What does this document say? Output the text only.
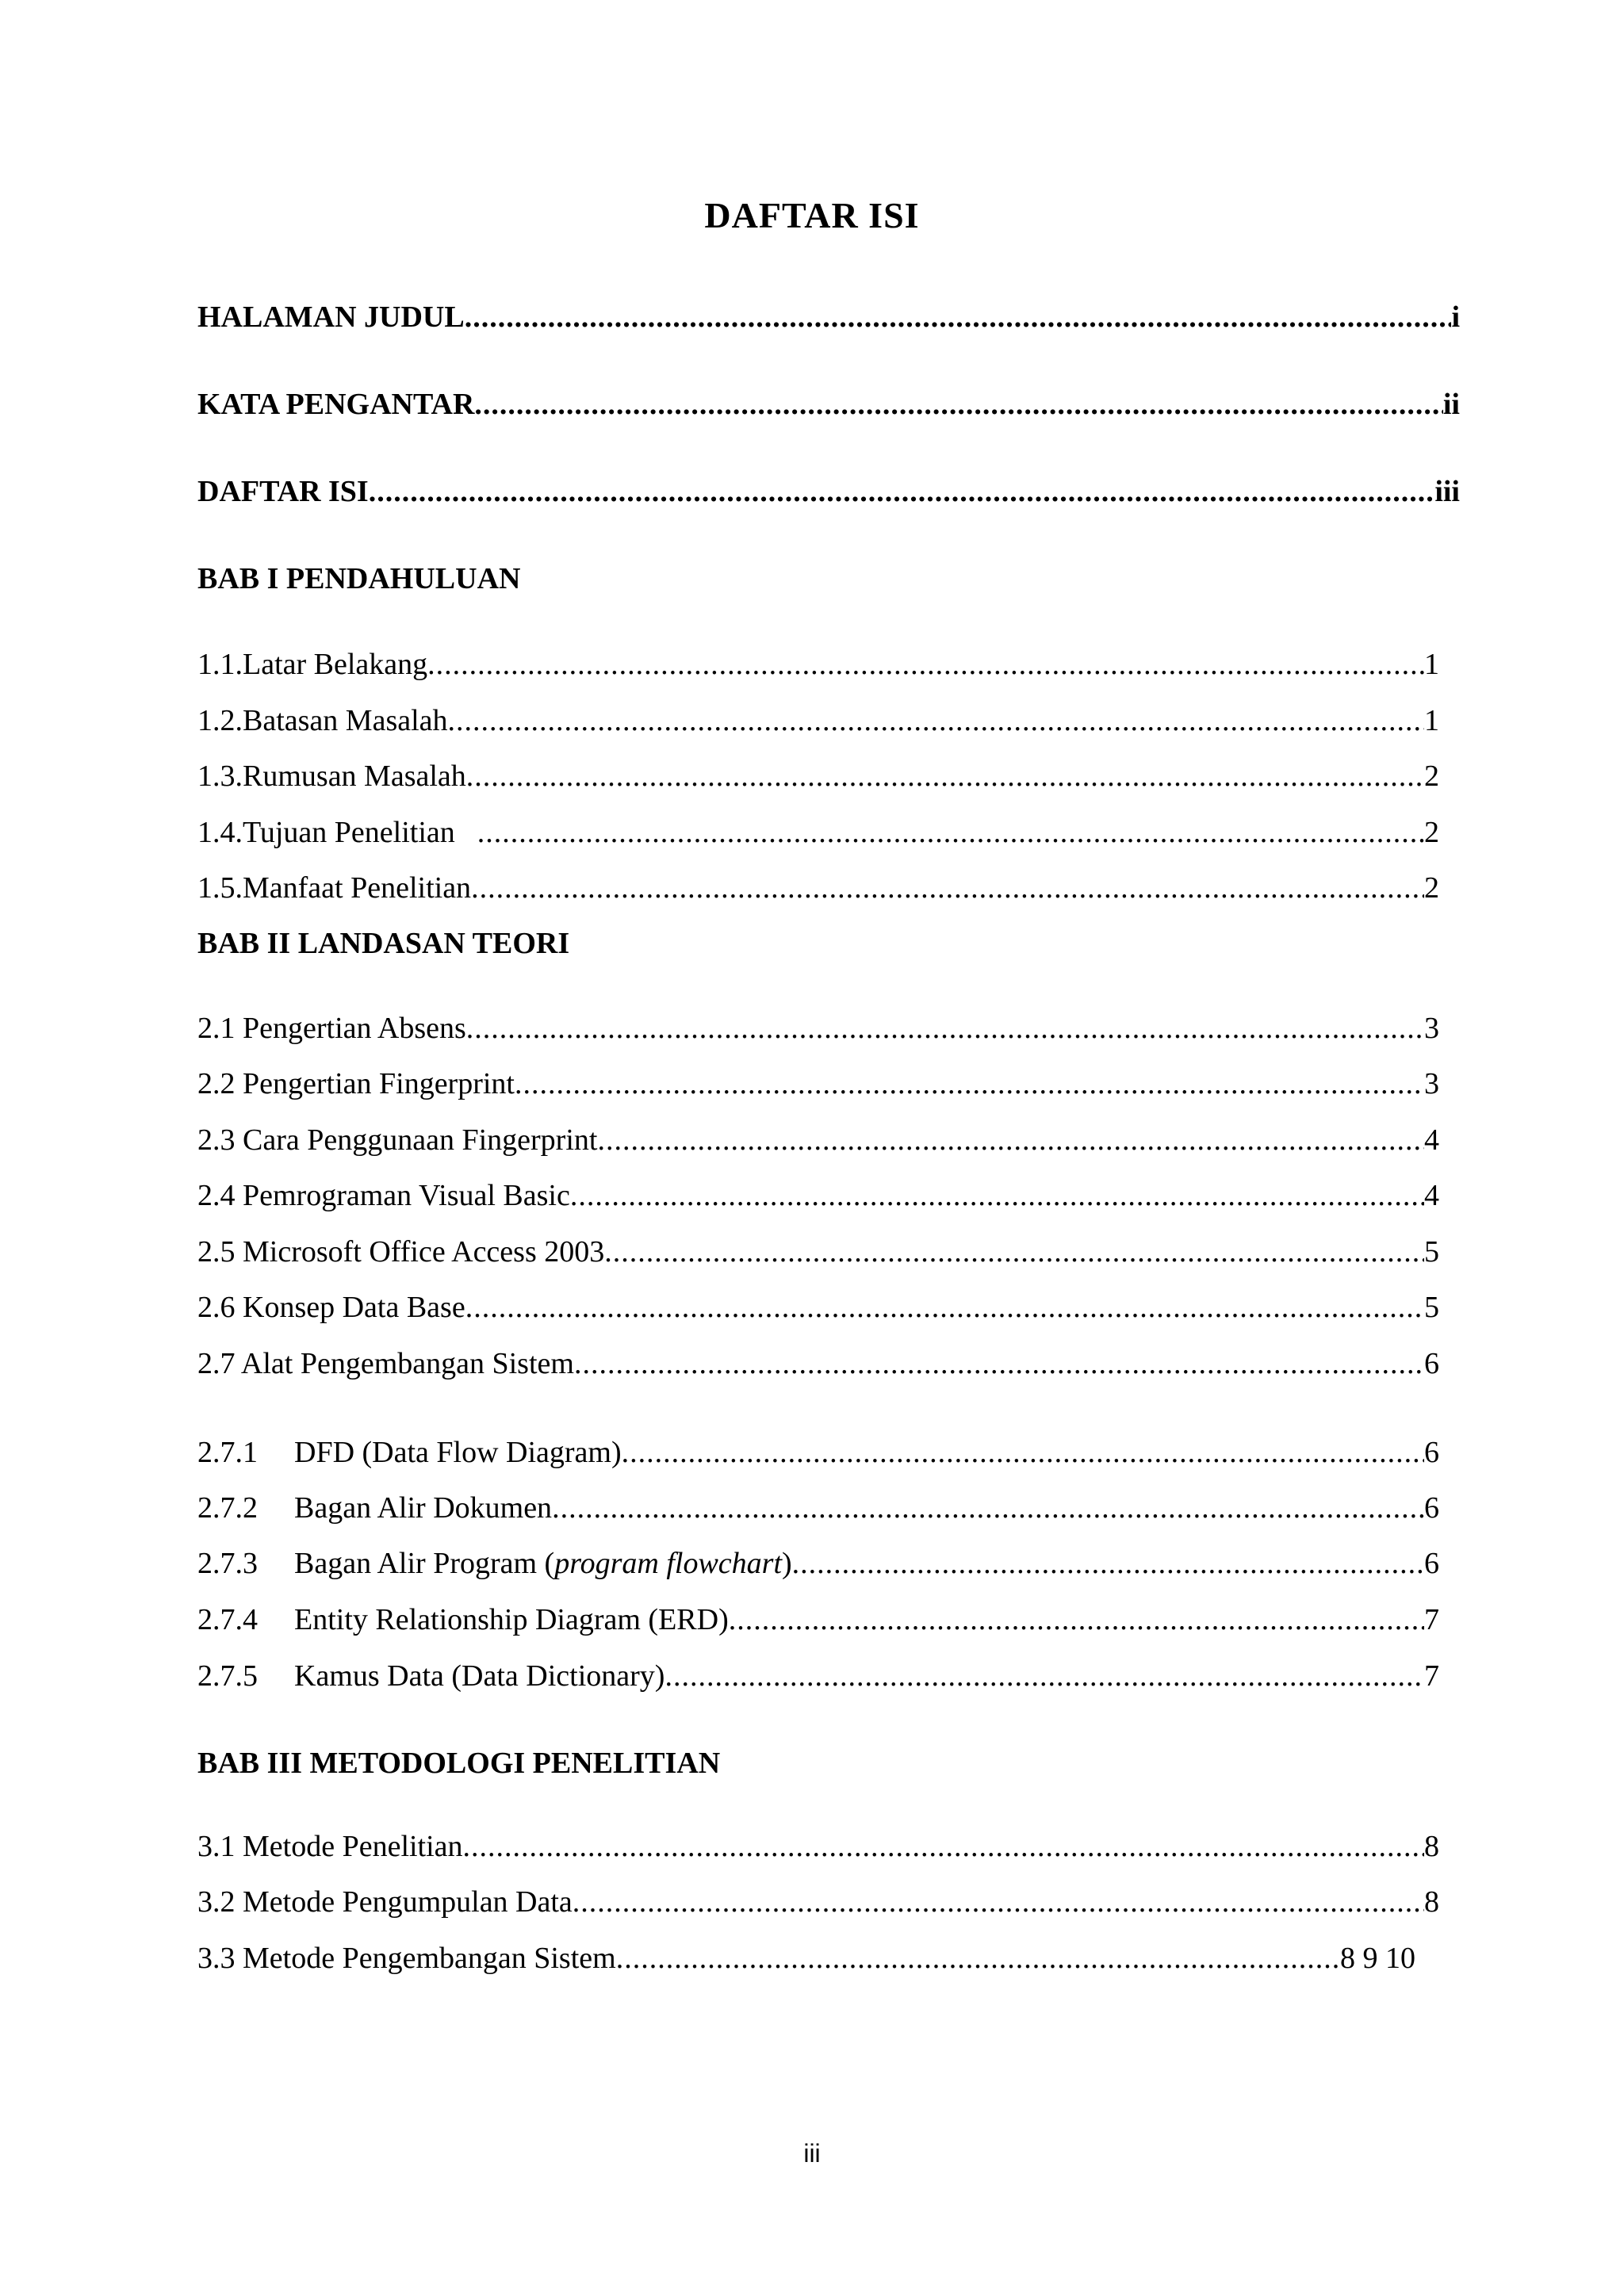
DAFTAR ISI
HALAMAN JUDUL .....	i
KATA PENGANTAR .....	ii
DAFTAR ISI .....	iii
BAB I PENDAHULUAN
1.1.Latar Belakang .....	1
1.2.Batasan Masalah .....	1
1.3.Rumusan Masalah .....	2
1.4.Tujuan Penelitian .....	2
1.5.Manfaat Penelitian .....	2
BAB II LANDASAN TEORI
2.1 Pengertian Absens .....	3
2.2 Pengertian Fingerprint .....	3
2.3 Cara Penggunaan Fingerprint .....	4
2.4 Pemrograman Visual Basic .....	4
2.5 Microsoft Office Access 2003 .....	5
2.6 Konsep Data Base .....	5
2.7 Alat Pengembangan Sistem .....	6
2.7.1 DFD (Data Flow Diagram) .....	6
2.7.2 Bagan Alir Dokumen .....	6
2.7.3 Bagan Alir Program (program flowchart) .....	6
2.7.4 Entity Relationship Diagram (ERD) .....	7
2.7.5 Kamus Data (Data Dictionary) .....	7
BAB III METODOLOGI PENELITIAN
3.1 Metode Penelitian .....	8
3.2 Metode Pengumpulan Data .....	8
3.3 Metode Pengembangan Sistem .....	8 9 10
iii
